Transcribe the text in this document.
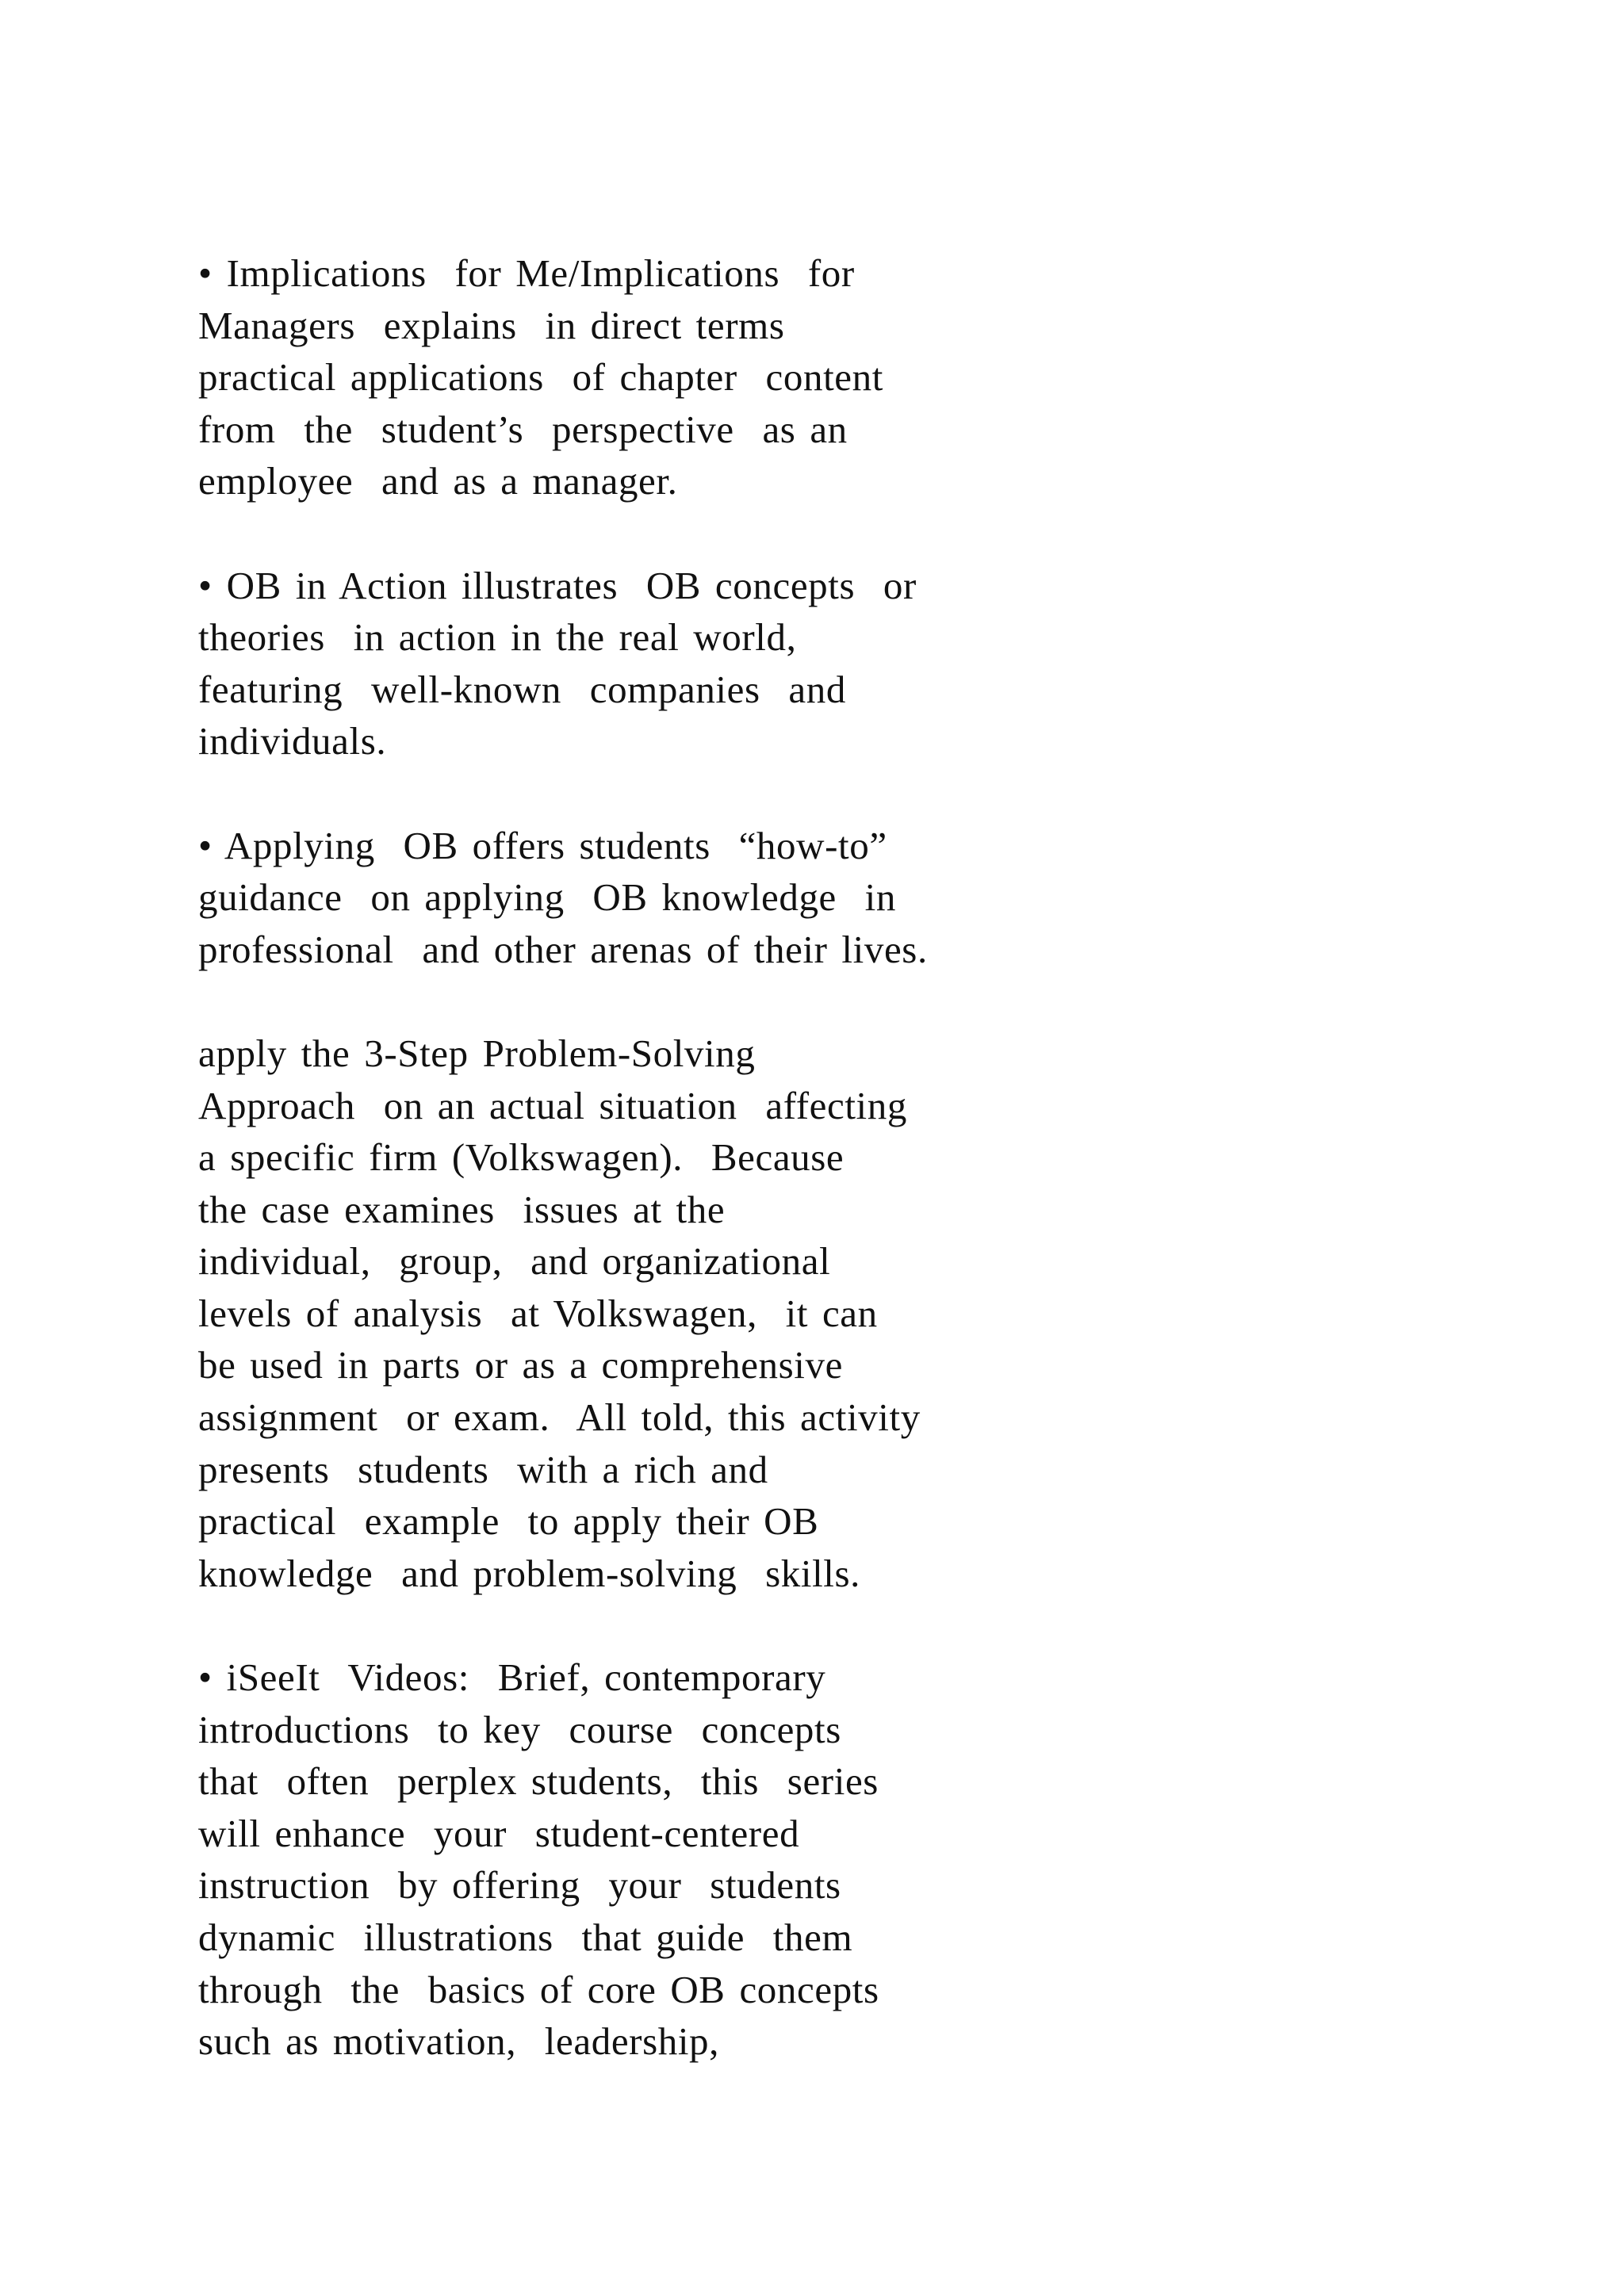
• Implications  for Me/Implications  for
Managers  explains  in direct terms
practical applications  of chapter  content
from  the  student’s  perspective  as an
employee  and as a manager.
• OB in Action illustrates  OB concepts  or
theories  in action in the real world,
featuring  well-known  companies  and
individuals.
• Applying  OB offers students  “how-to”
guidance  on applying  OB knowledge  in
professional  and other arenas of their lives.
apply the 3-Step Problem-Solving
Approach  on an actual situation  affecting
a specific firm (Volkswagen).  Because
the case examines  issues at the
individual,  group,  and organizational
levels of analysis  at Volkswagen,  it can
be used in parts or as a comprehensive
assignment  or exam.  All told, this activity
presents  students  with a rich and
practical  example  to apply their OB
knowledge  and problem-solving  skills.
• iSeeIt  Videos:  Brief, contemporary
introductions  to key  course  concepts
that  often  perplex students,  this  series
will enhance  your  student-centered
instruction  by offering  your  students
dynamic  illustrations  that guide  them
through  the  basics of core OB concepts
such as motivation,  leadership,
